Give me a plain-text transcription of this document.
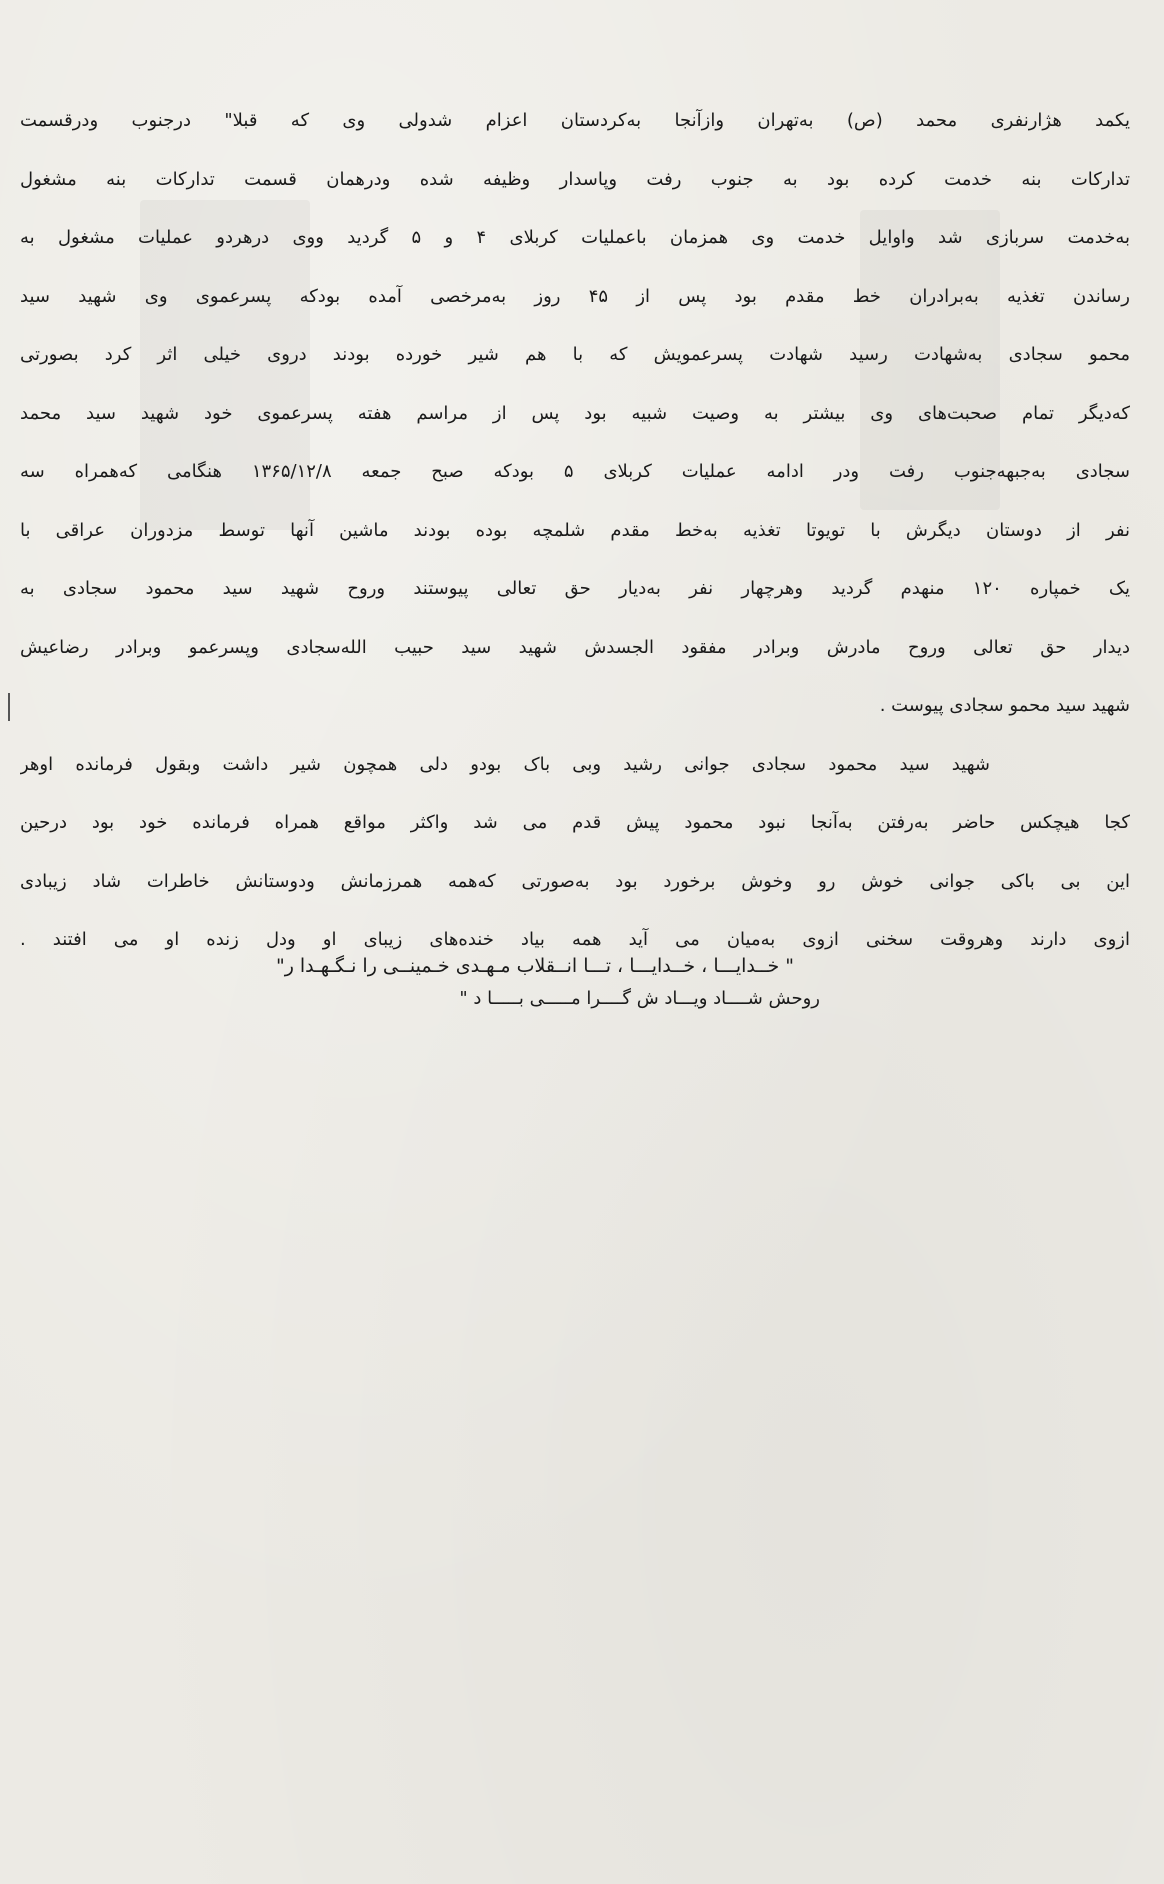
یکمد هژارنفری محمد (ص) بەتهران وازآنجا بەکردستان اعزام شدولی وی که قبلا" درجنوب ودرقسمت
تدارکات بنه خدمت کرده بود به جنوب رفت وپاسدار وظیفه شده ودرهمان قسمت تدارکات بنه مشغول
بەخدمت سربازی شد واوایل خدمت وی همزمان باعملیات کربلای ۴ و ۵ گردید ووی درهردو عملیات مشغول به
رساندن تغذیه بەبرادران خط مقدم بود پس از ۴۵ روز بەمرخصی آمده بودکه پسرعموی وی شهید سید
محمو سجادی بەشهادت رسید شهادت پسرعمویش که با هم شیر خورده بودند دروی خیلی اثر کرد بصورتی
کەدیگر تمام صحبت‌های وی بیشتر به وصیت شبیه بود پس از مراسم هفته پسرعموی خود شهید سید محمد
سجادی بەجبهەجنوب رفت ودر ادامه عملیات کربلای ۵ بودکه صبح جمعه ۱۳۶۵/۱۲/۸ هنگامی کەهمراه سه
نفر از دوستان دیگرش با تویوتا تغذیه بەخط مقدم شلمچه بوده بودند ماشین آنها توسط مزدوران عراقی با
یک خمپاره ۱۲۰ منهدم گردید وهرچهار نفر بەدیار حق تعالی پیوستند وروح شهید سید محمود سجادی به
دیدار حق تعالی وروح مادرش وبرادر مفقود الجسدش شهید سید حبیب اللەسجادی وپسرعمو وبرادر رضاعیش
شهید سید محمو سجادی پیوست .
شهید سید محمود سجادی جوانی رشید وبی باک بودو دلی همچون شیر داشت وبقول فرمانده اوهر
کجا هیچکس حاضر بەرفتن بەآنجا نبود محمود پیش قدم می شد واکثر مواقع همراه فرمانده خود بود درحین
این بی باکی جوانی خوش رو وخوش برخورد بود بەصورتی کەهمه همرزمانش ودوستانش خاطرات شاد زیبادی
ازوی دارند وهروقت سخنی ازوی بەمیان می آید همه بیاد خنده‌های زیبای او ودل زنده او می افتند .
روحش شــــاد ویـــاد ش گــــرا مـــــی بـــــا د "
" خــدایـــا ، خــدایـــا ، تـــا انــقلاب مـهـدی خـمینــی را نـگـهـدا ر"
